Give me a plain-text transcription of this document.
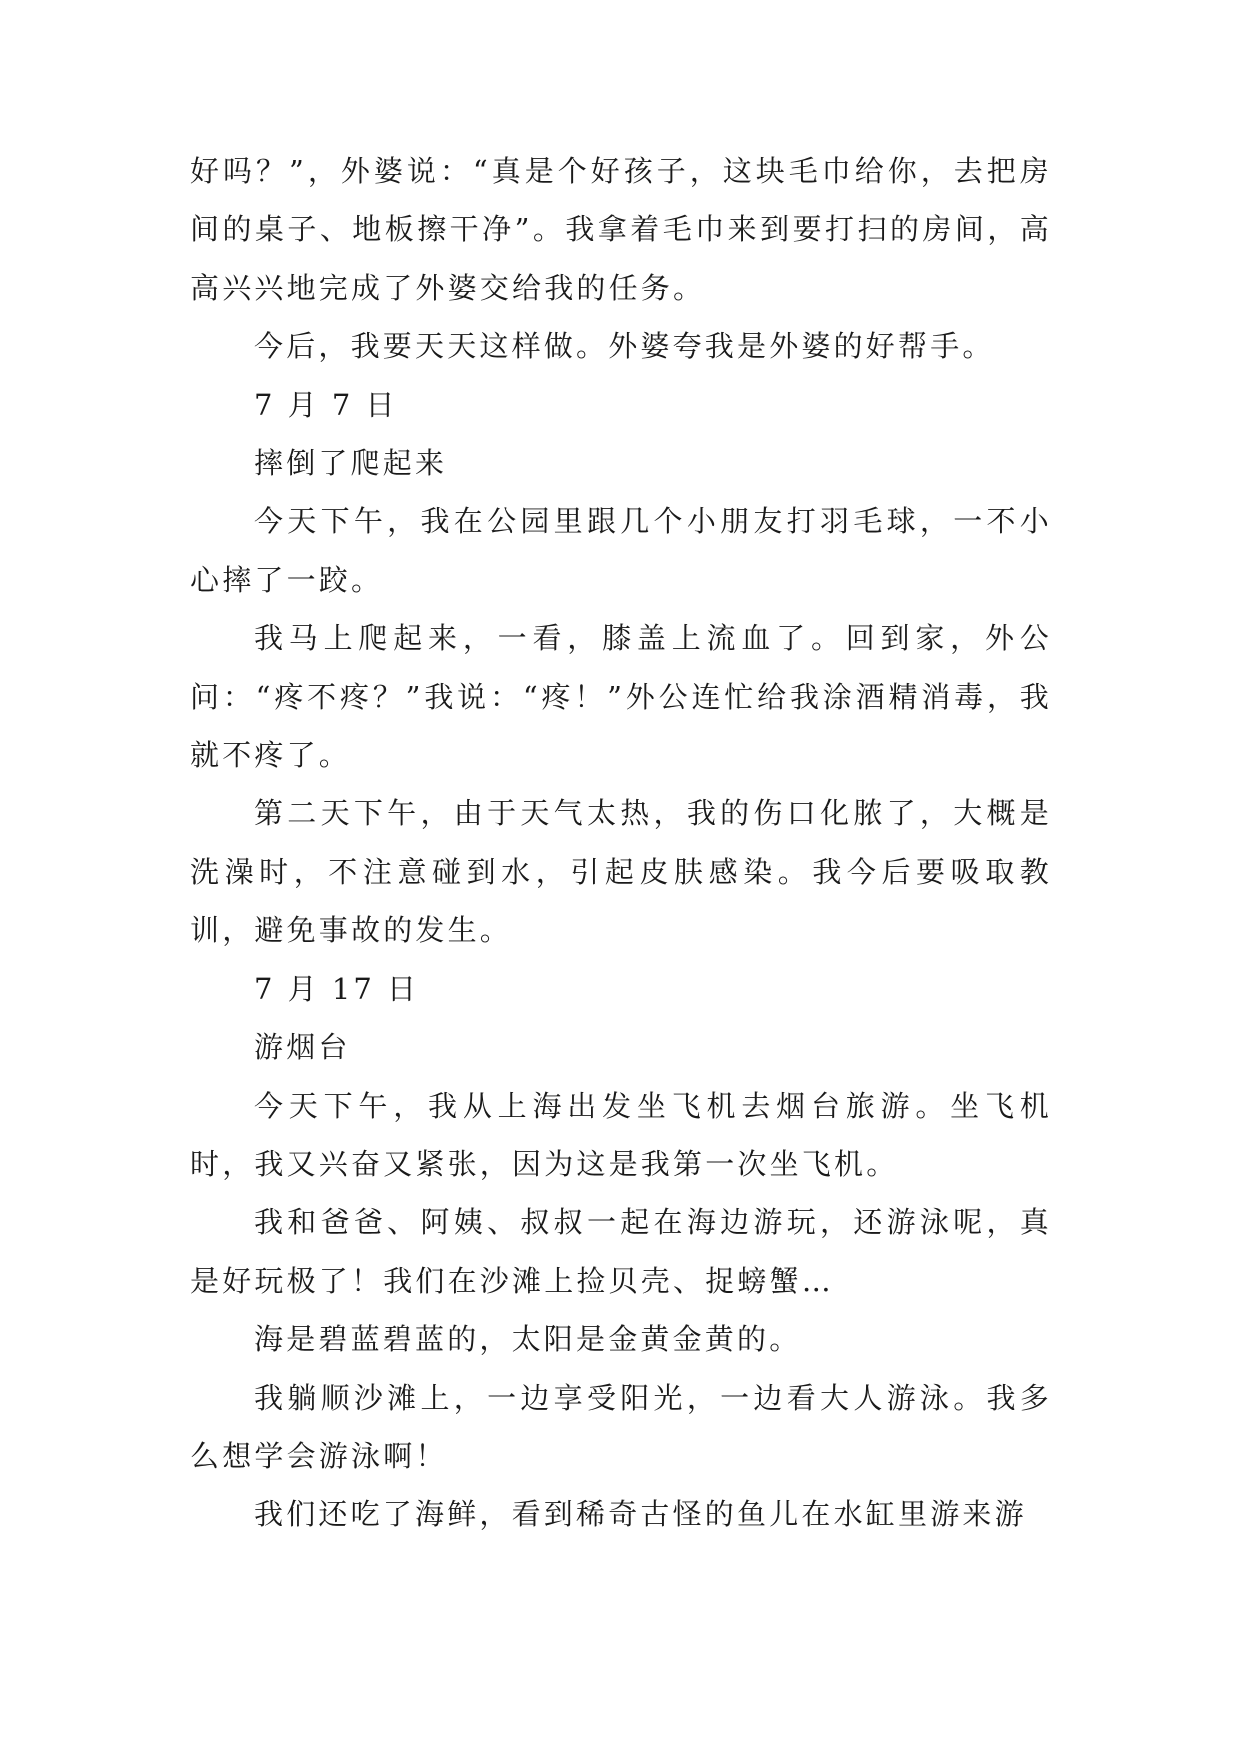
好吗？”，外婆说：“真是个好孩子，这块毛巾给你，去把房间的桌子、地板擦干净”。我拿着毛巾来到要打扫的房间，高高兴兴地完成了外婆交给我的任务。

今后，我要天天这样做。外婆夸我是外婆的好帮手。

7 月 7 日

摔倒了爬起来

今天下午，我在公园里跟几个小朋友打羽毛球，一不小心摔了一跤。

我马上爬起来，一看，膝盖上流血了。回到家，外公问：“疼不疼？”我说：“疼！”外公连忙给我涂酒精消毒，我就不疼了。

第二天下午，由于天气太热，我的伤口化脓了，大概是洗澡时，不注意碰到水，引起皮肤感染。我今后要吸取教训，避免事故的发生。

7 月 17 日

游烟台

今天下午，我从上海出发坐飞机去烟台旅游。坐飞机时，我又兴奋又紧张，因为这是我第一次坐飞机。

我和爸爸、阿姨、叔叔一起在海边游玩，还游泳呢，真是好玩极了！我们在沙滩上捡贝壳、捉螃蟹…

海是碧蓝碧蓝的，太阳是金黄金黄的。

我躺顺沙滩上，一边享受阳光，一边看大人游泳。我多么想学会游泳啊！

我们还吃了海鲜，看到稀奇古怪的鱼儿在水缸里游来游
